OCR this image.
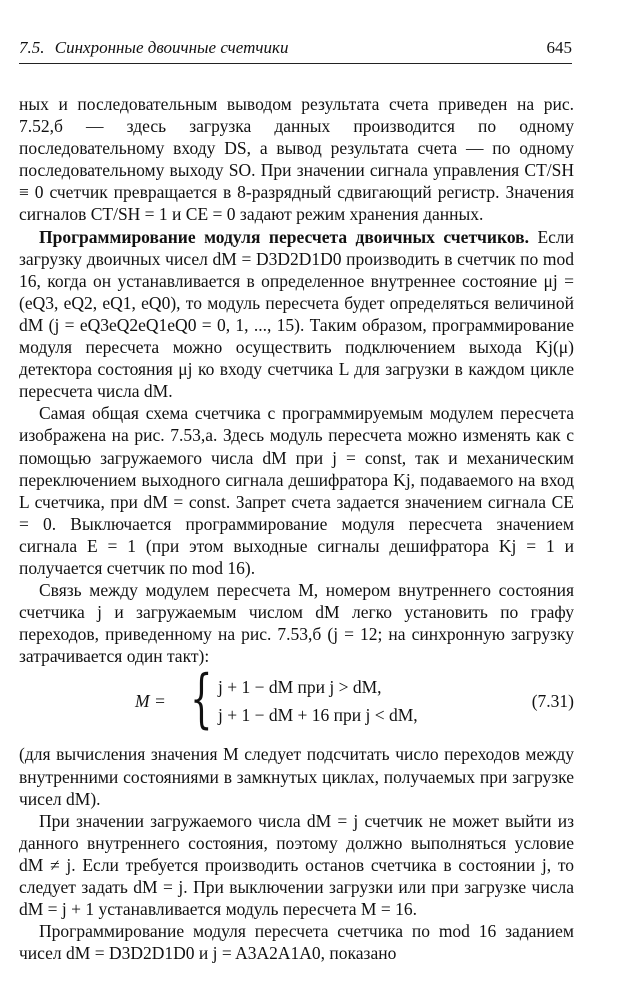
7.5. Синхронные двоичные счетчики	645

ных и последовательным выводом результата счета приведен на рис. 7.52,б — здесь загрузка данных производится по одному последовательному входу DS, а вывод результата счета — по одному последовательному выходу SO. При значении сигнала управления CT/SH ≡ 0 счетчик превращается в 8-разрядный сдвигающий регистр. Значения сигналов CT/SH = 1 и CE = 0 задают режим хранения данных.

Программирование модуля пересчета двоичных счетчиков. Если загрузку двоичных чисел dM = D3D2D1D0 производить в счетчик по mod 16, когда он устанавливается в определенное внутреннее состояние μj = (eQ3, eQ2, eQ1, eQ0), то модуль пересчета будет определяться величиной dM (j = eQ3eQ2eQ1eQ0 = 0, 1, ..., 15). Таким образом, программирование модуля пересчета можно осуществить подключением выхода Kj(μ) детектора состояния μj ко входу счетчика L для загрузки в каждом цикле пересчета числа dM.

Самая общая схема счетчика с программируемым модулем пересчета изображена на рис. 7.53,а. Здесь модуль пересчета можно изменять как с помощью загружаемого числа dM при j = const, так и механическим переключением выходного сигнала дешифратора Kj, подаваемого на вход L счетчика, при dM = const. Запрет счета задается значением сигнала CE = 0. Выключается программирование модуля пересчета значением сигнала E = 1 (при этом выходные сигналы дешифратора Kj = 1 и получается счетчик по mod 16).

Связь между модулем пересчета M, номером внутреннего состояния счетчика j и загружаемым числом dM легко установить по графу переходов, приведенному на рис. 7.53,б (j = 12; на синхронную загрузку затрачивается один такт):

M = { j + 1 − dM при j > dM,
j + 1 − dM + 16 при j < dM,
(7.31)

(для вычисления значения M следует подсчитать число переходов между внутренними состояниями в замкнутых циклах, получаемых при загрузке чисел dM).

При значении загружаемого числа dM = j счетчик не может выйти из данного внутреннего состояния, поэтому должно выполняться условие dM ≠ j. Если требуется производить останов счетчика в состоянии j, то следует задать dM = j. При выключении загрузки или при загрузке числа dM = j + 1 устанавливается модуль пересчета M = 16.

Программирование модуля пересчета счетчика по mod 16 заданием чисел dM = D3D2D1D0 и j = A3A2A1A0, показано
